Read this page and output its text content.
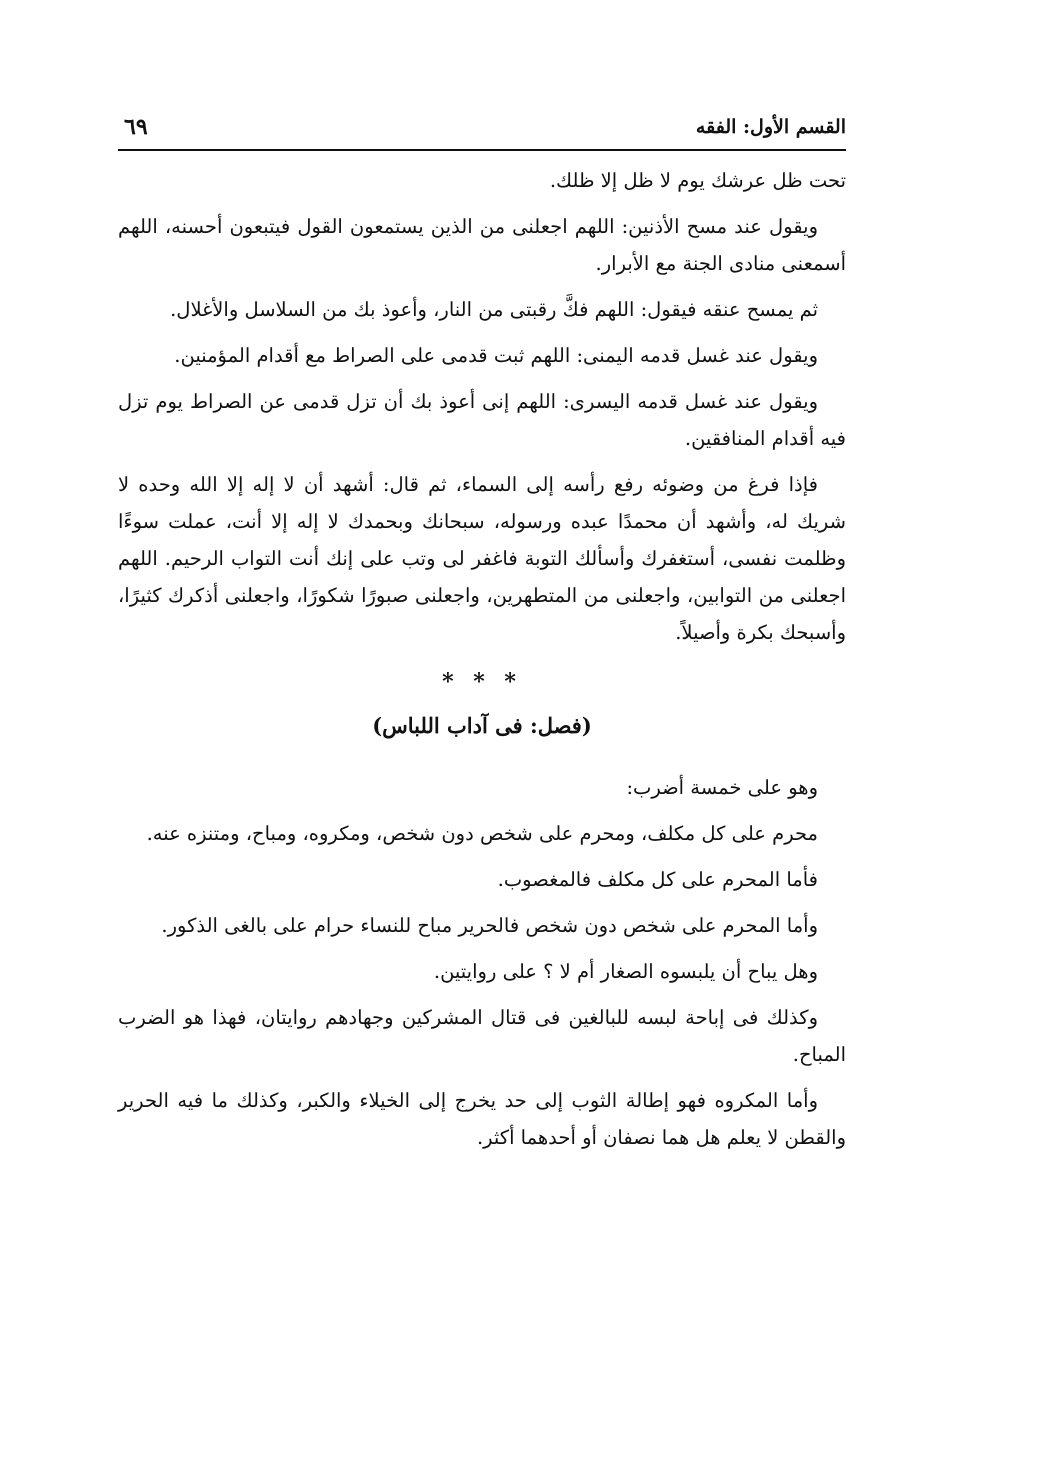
القسم الأول: الفقه
٦٩

تحت ظل عرشك يوم لا ظل إلا ظلك.

ويقول عند مسح الأذنين: اللهم اجعلنى من الذين يستمعون القول فيتبعون أحسنه، اللهم أسمعنى منادى الجنة مع الأبرار.

ثم يمسح عنقه فيقول: اللهم فكَّ رقبتى من النار، وأعوذ بك من السلاسل والأغلال.

ويقول عند غسل قدمه اليمنى: اللهم ثبت قدمى على الصراط مع أقدام المؤمنين.

ويقول عند غسل قدمه اليسرى: اللهم إنى أعوذ بك أن تزل قدمى عن الصراط يوم تزل فيه أقدام المنافقين.

فإذا فرغ من وضوئه رفع رأسه إلى السماء، ثم قال: أشهد أن لا إله إلا الله وحده لا شريك له، وأشهد أن محمدًا عبده ورسوله، سبحانك وبحمدك لا إله إلا أنت، عملت سوءًا وظلمت نفسى، أستغفرك وأسألك التوبة فاغفر لى وتب على إنك أنت التواب الرحيم. اللهم اجعلنى من التوابين، واجعلنى من المتطهرين، واجعلنى صبورًا شكورًا، واجعلنى أذكرك كثيرًا، وأسبحك بكرة وأصيلاً.

* * *
(فصل: فى آداب اللباس)

وهو على خمسة أضرب:

محرم على كل مكلف، ومحرم على شخص دون شخص، ومكروه، ومباح، ومتنزه عنه.

فأما المحرم على كل مكلف فالمغصوب.

وأما المحرم على شخص دون شخص فالحرير مباح للنساء حرام على بالغى الذكور.

وهل يباح أن يلبسوه الصغار أم لا ؟ على روايتين.

وكذلك فى إباحة لبسه للبالغين فى قتال المشركين وجهادهم روايتان، فهذا هو الضرب المباح.

وأما المكروه فهو إطالة الثوب إلى حد يخرج إلى الخيلاء والكبر، وكذلك ما فيه الحرير والقطن لا يعلم هل هما نصفان أو أحدهما أكثر.
